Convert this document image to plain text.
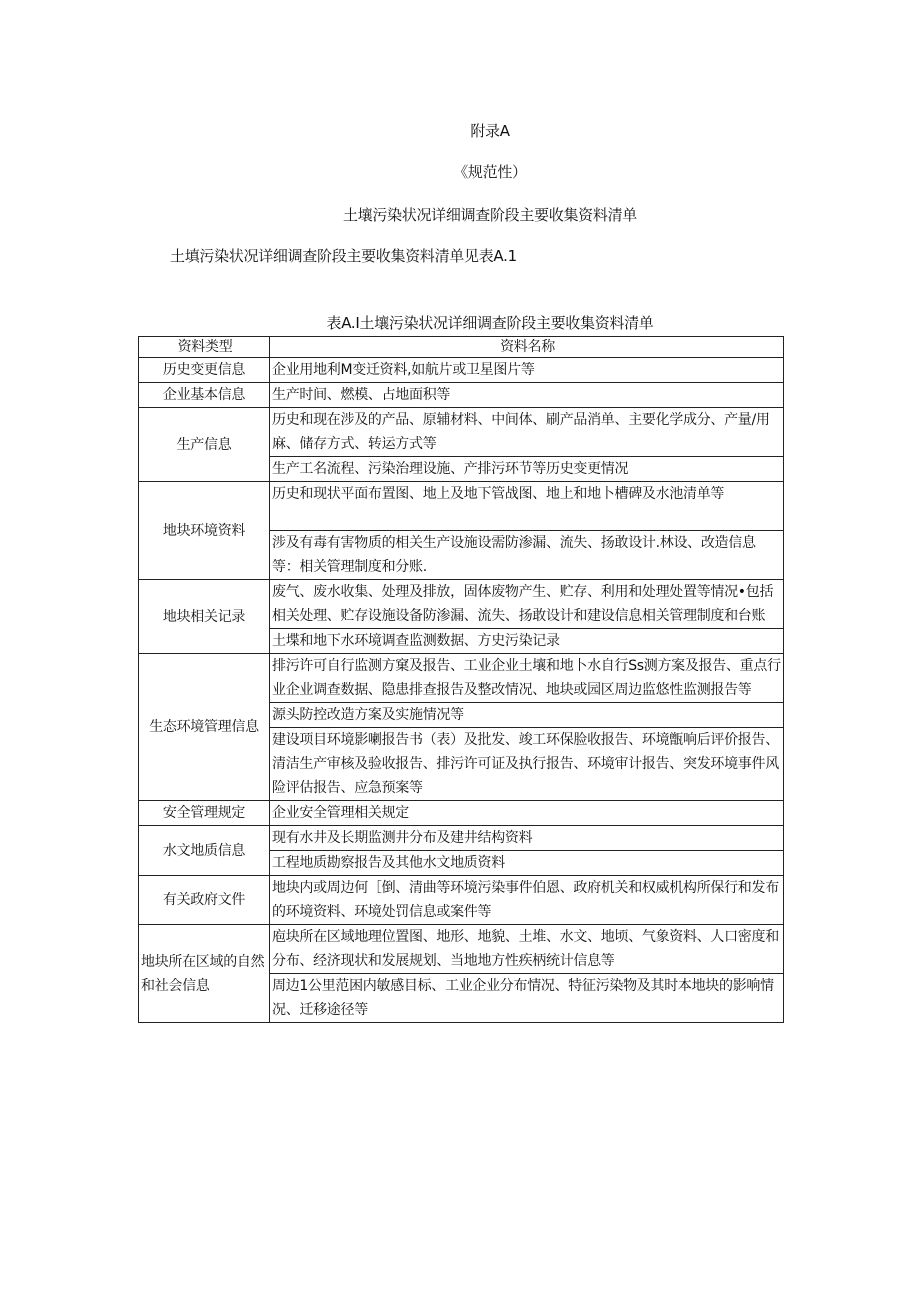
附录A
《规范性）
土壤污染状况详细调查阶段主要收集资料清单
土填污染状况详细调查阶段主要收集资料清单见表A.1
表A.I土壤污染状况详细调查阶段主要收集资料清单
资料类型	资料名称
历史变更信息	企业用地利M变迁资料,如航片或卫星图片等
企业基本信息	生产时间、燃模、占地面积等
生产信息	历史和现在涉及的产品、原辅材料、中间体、刷产品消单、主要化学成分、产量/用麻、储存方式、转运方式等
	生产工名流程、污染治理设施、产排污环节等历史变更情况
地块环境资料	历史和现状平面布置图、地上及地下管战图、地上和地卜槽碑及水池清单等
	涉及有毒有害物质的相关生产设施设需防渗漏、流失、扬敢设计.林设、改造信息等：相关管理制度和分账.
地块相关记录	废气、废水收集、处理及排放，固体废物产生、贮存、利用和处理处置等情况•包括相关处理、贮存设施设备防渗漏、流失、扬敢设计和建设信息相关管理制度和台账
	土堞和地下水环境调查监测数据、方史污染记录
生态环境管理信息	排污许可自行监测方窠及报告、工业企业土壤和地卜水自行Ss测方案及报告、重点行业企业调查数据、隐患排查报告及整改情况、地块或园区周边监悠性监测报告等
	源头防控改造方案及实施情况等
	建设项目环境影喇报告书（表）及批发、竣工环保脸收报告、环境甑响后评价报告、清洁生产审核及验收报告、排污许可证及执行报告、环境审计报告、突发环境事件风险评估报告、应急预案等
安全管理规定	企业安全管理相关规定
水文地质信息	现有水井及长期监测井分布及建井结构资料
	工程地质勘察报告及其他水文地质资料
有关政府文件	地块内或周边何［倒、清曲等环境污染事件伯恩、政府机关和权威机构所保行和发布的环境资料、环境处罚信息或案件等
地块所在区域的自然和社会信息	庖块所在区域地理位置图、地形、地貌、土堆、水文、地顷、气象资料、人口密度和分布、经济现状和发展规划、当地地方性疾柄统计信息等
	周边1公里范困内敏感目标、工业企业分布情况、特征污染物及其时本地块的影响情况、迁移途径等
